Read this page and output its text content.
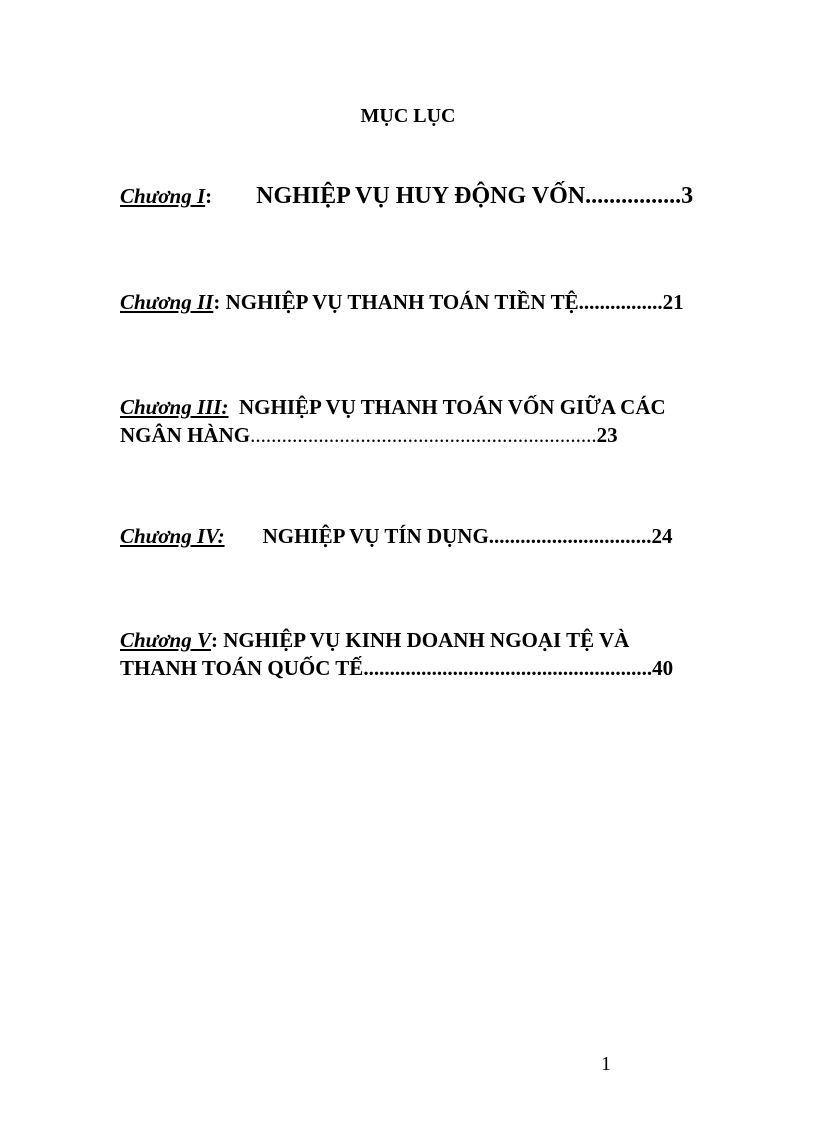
MỤC LỤC
Chương I: NGHIỆP VỤ HUY ĐỘNG VỐN................3
Chương II: NGHIỆP VỤ THANH TOÁN TIỀN TỆ................21
Chương III: NGHIỆP VỤ THANH TOÁN VỐN GIỮA CÁC
NGÂN HÀNG..................................................................23
Chương IV: NGHIỆP VỤ TÍN DỤNG...............................24
Chương V: NGHIỆP VỤ KINH DOANH NGOẠI TỆ VÀ
THANH TOÁN QUỐC TẾ.......................................................40
1
